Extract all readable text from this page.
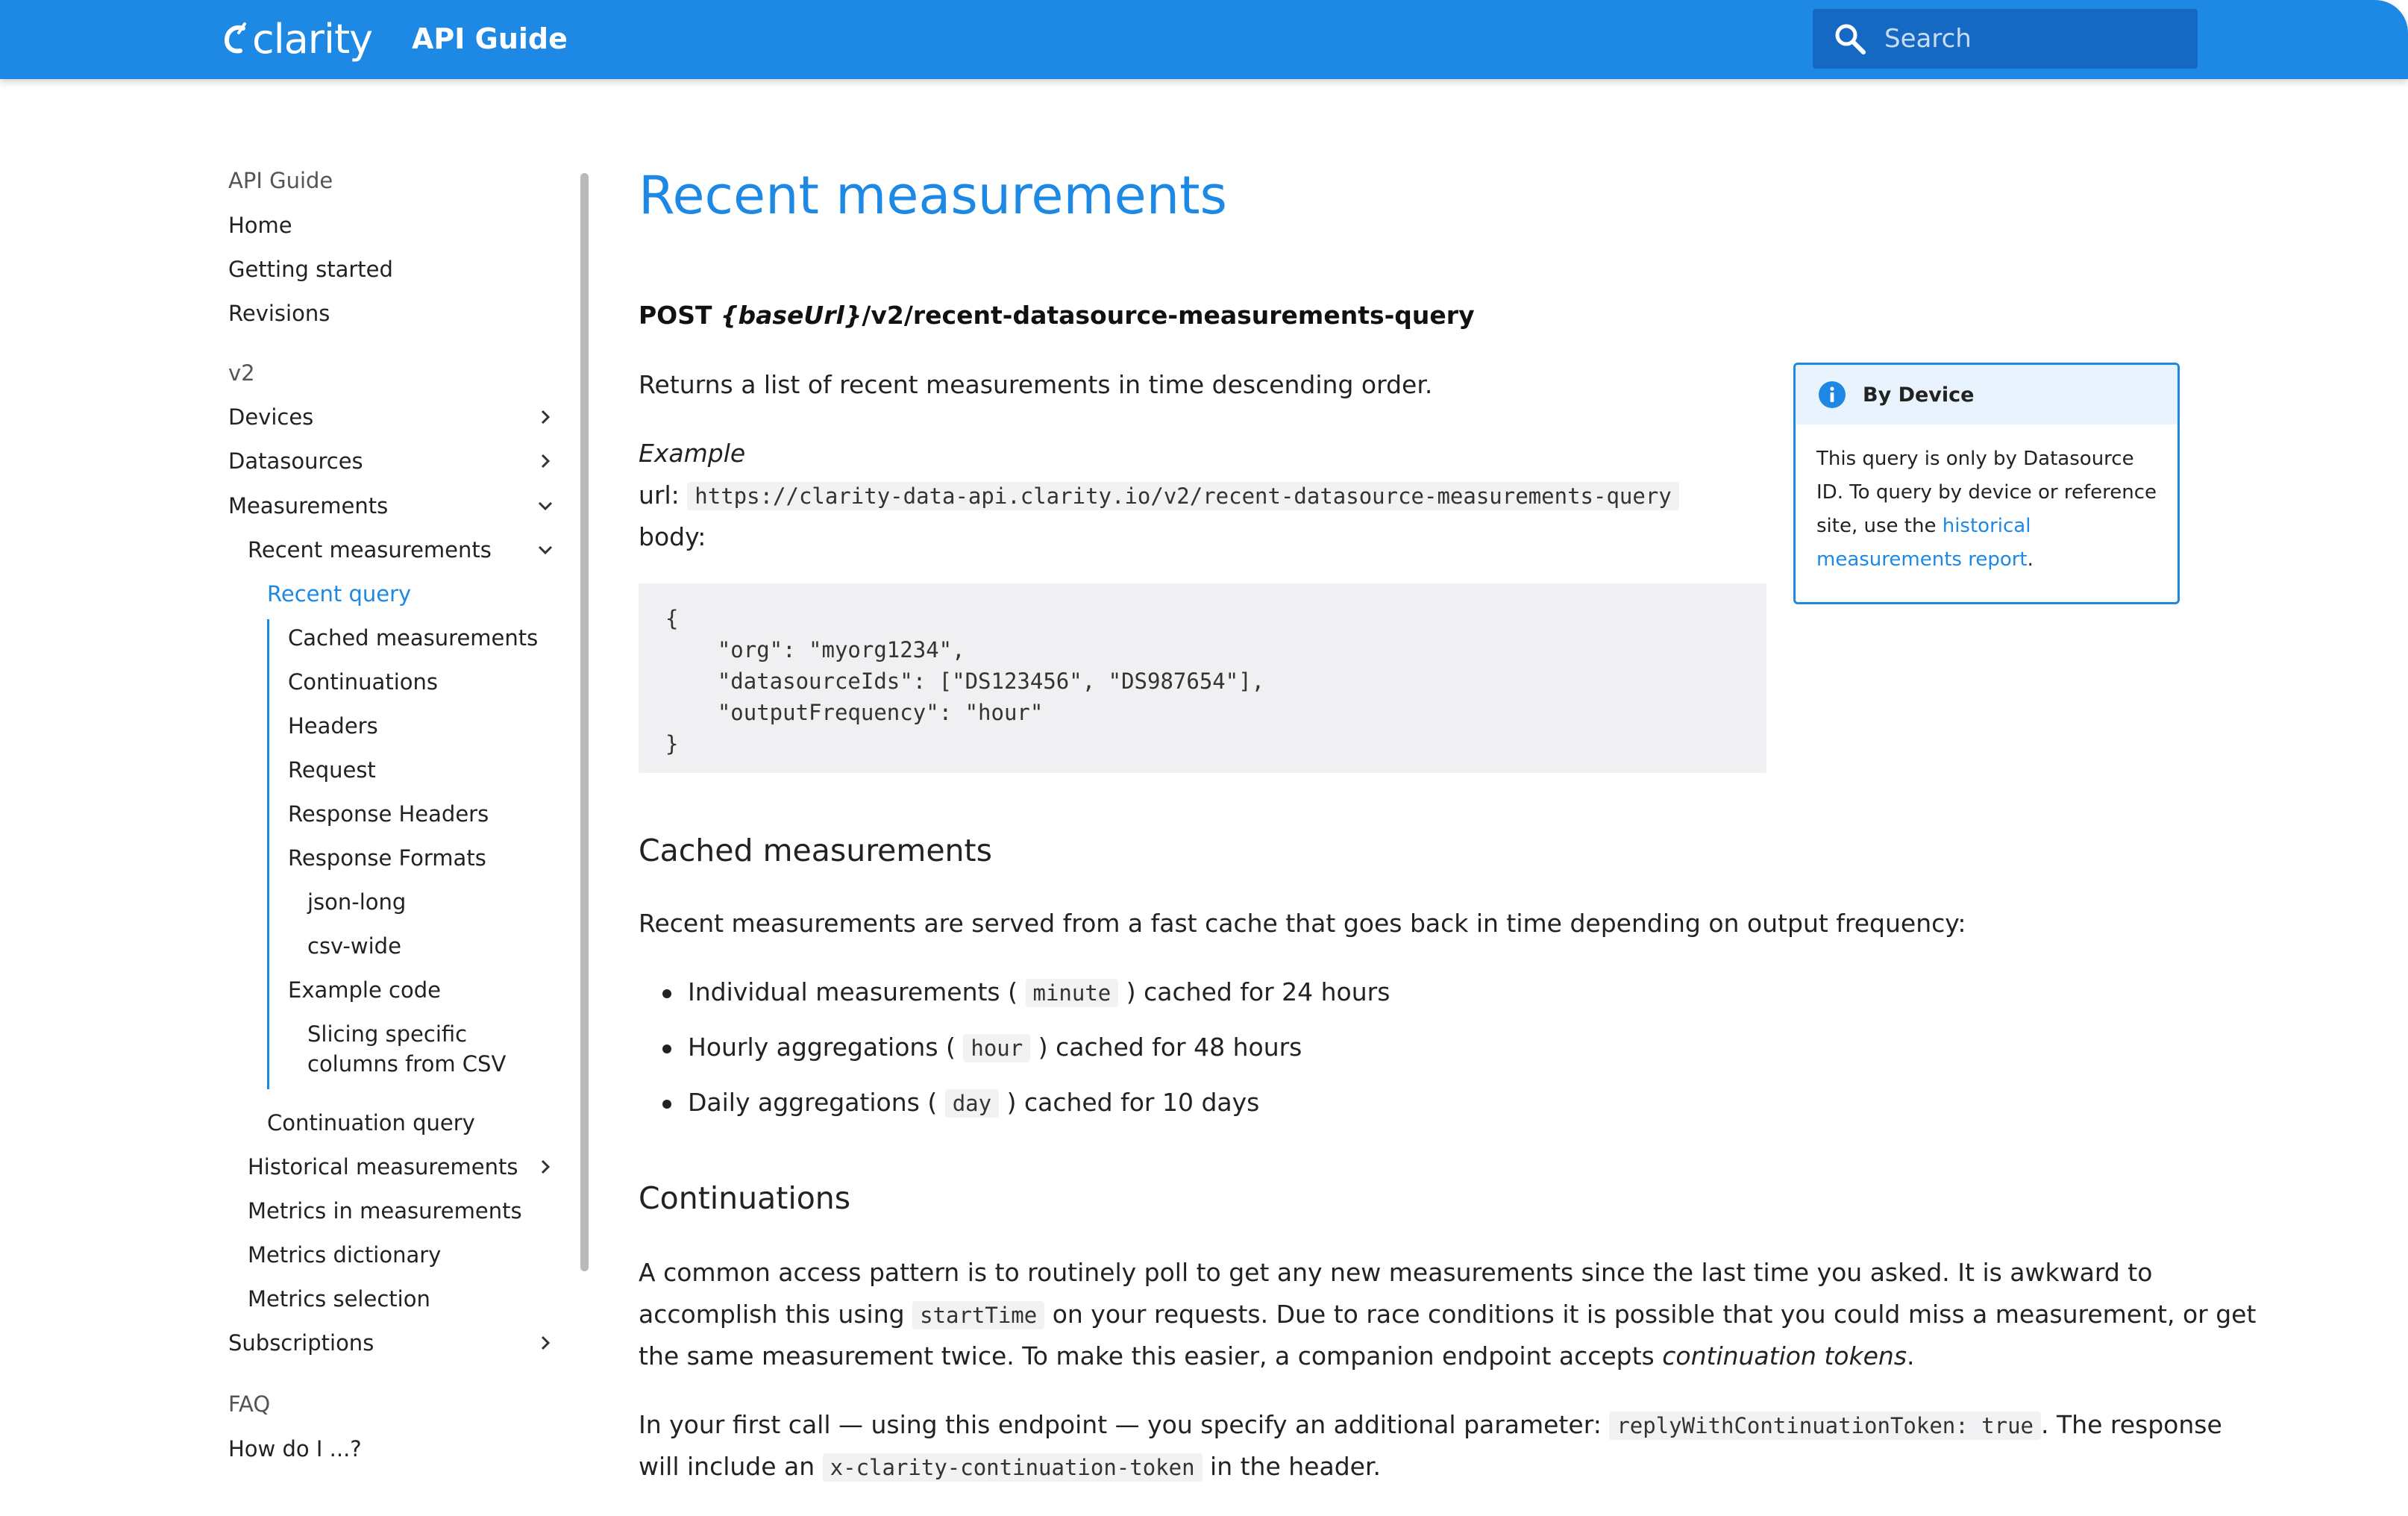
clarity API Guide
Search
API Guide
Home
Getting started
Revisions
v2
Devices
Datasources
Measurements
Recent measurements
Recent query
Cached measurements
Continuations
Headers
Request
Response Headers
Response Formats
json-long
csv-wide
Example code
Slicing specific columns from CSV
Continuation query
Historical measurements
Metrics in measurements
Metrics dictionary
Metrics selection
Subscriptions
FAQ
How do I ...?
Recent measurements
POST {baseUrl}/v2/recent-datasource-measurements-query

Returns a list of recent measurements in time descending order.

Example

url: https://clarity-data-api.clarity.io/v2/recent-datasource-measurements-query

body:

{
"org": "myorg1234",
"datasourceIds": ["DS123456", "DS987654"],
"outputFrequency": "hour"
}
Cached measurements

Recent measurements are served from a fast cache that goes back in time depending on output frequency:

Individual measurements ( minute ) cached for 24 hours
Hourly aggregations ( hour ) cached for 48 hours
Daily aggregations ( day ) cached for 10 days
Continuations

A common access pattern is to routinely poll to get any new measurements since the last time you asked. It is awkward to

accomplish this using startTime on your requests. Due to race conditions it is possible that you could miss a measurement, or get

the same measurement twice. To make this easier, a companion endpoint accepts continuation tokens.

In your first call — using this endpoint — you specify an additional parameter: replyWithContinuationToken: true . The response

will include an x-clarity-continuation-token in the header.

By Device
This query is only by Datasource ID. To query by device or reference site, use the historical measurements report.
